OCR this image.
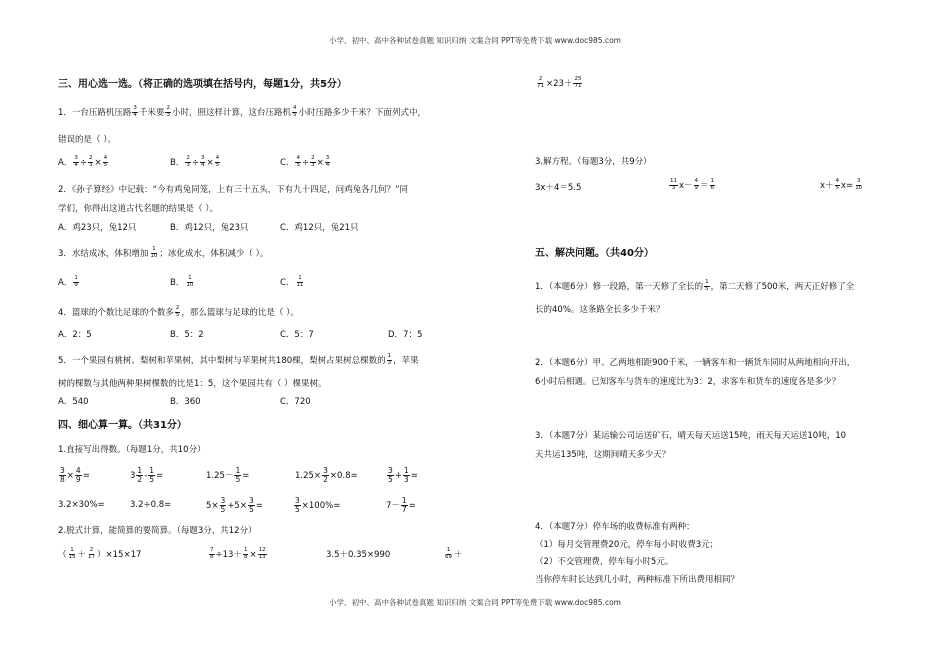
小学、初中、高中各种试卷真题 知识归纳 文案合同 PPT等免费下载 www.doc985.com
小学、初中、高中各种试卷真题 知识归纳 文案合同 PPT等免费下载 www.doc985.com
三、用心选一选。（将正确的选项填在括号内，每题1分，共5分）
1．一台压路机压路 $\frac{3}{4}$ 千米要 $\frac{2}{3}$ 小时，照这样计算，这台压路机 $\frac{4}{5}$ 小时压路多少千米？下面列式中，
错误的是（ ）。
A． $\frac{3}{4} \div \frac{2}{3} \times \frac{4}{5}$	B． $\frac{2}{3} \div \frac{3}{4} \times \frac{4}{5}$	C． $\frac{4}{5} \div \frac{2}{3} \times \frac{3}{4}$
2．《孙子算经》中记载：“今有鸡兔同笼，上有三十五头，下有九十四足，问鸡兔各几何？”同
学们，你得出这道古代名题的结果是（ ）。
A．鸡23只，兔12只	B．鸡12只，兔23只	C．鸡12只，兔21只
3．水结成冰，体积增加 $\frac{1}{10}$ ；冰化成水，体积减少（ ）。
A． $\frac{1}{9}$	B． $\frac{1}{10}$	C． $\frac{1}{11}$
4．篮球的个数比足球的个数多 $\frac{2}{5}$ ，那么篮球与足球的比是（ ）。
A．2：5	B．5：2	C．5：7	D．7：5
5．一个果园有桃树、梨树和苹果树，其中梨树与苹果树共180棵，梨树占果树总棵数的 $\frac{1}{3}$ ，苹果
树的棵数与其他两种果树棵数的比是1：5，这个果园共有（ ）棵果树。
A．540	B．360	C．720
四、细心算一算。（共31分）
1.直接写出得数。（每题1分，共10分）
$\frac{3}{8} \times \frac{4}{9}$ =	$3 \frac{1}{2} - \frac{1}{5}$ =	$1.25- \frac{1}{5}$ =	$1.25\times \frac{3}{2} \times 0.8=$	$\frac{3}{5} + \frac{1}{3}$ =
3.2×30%=	3.2÷0.8=	$5\times \frac{3}{5} +5\times \frac{3}{5}$ =	$\frac{3}{5} \times 100\%=$	$7- \frac{1}{7}$ =
2.脱式计算，能简算的要简算。（每题3分，共12分）
（ $\frac{1}{15} + \frac{2}{17} )\times 15\times 17$	$\frac{7}{8} \div 13+ \frac{1}{8} \times \frac{12}{13}$	3.5＋0.35×990	$\frac{1}{69}$ ＋
$\frac{2}{71} \times 23+ \frac{25}{71}$
3.解方程。（每题3分，共9分）
3x＋4＝5.5	$\frac{11}{3} x- \frac{4}{9} = \frac{1}{6}$	$x+ \frac{4}{5} x= \frac{3}{10}$
五、解决问题。（共40分）
1．（本题6分）修一段路，第一天修了全长的 $\frac{1}{5}$ ，第二天修了500米，两天正好修了全
长的40%。这条路全长多少千米？
2．（本题6分）甲、乙两地相距900千米，一辆客车和一辆货车同时从两地相向开出，
6小时后相遇。已知客车与货车的速度比为3：2，求客车和货车的速度各是多少？
3．（本题7分）某运输公司运送矿石，晴天每天运送15吨，雨天每天运送10吨，10
天共运135吨，这期间晴天多少天？
4．（本题7分）停车场的收费标准有两种：
（1）每月交管理费20元，停车每小时收费3元；
（2）不交管理费，停车每小时5元。
当你停车时长达到几小时，两种标准下所出费用相同？
